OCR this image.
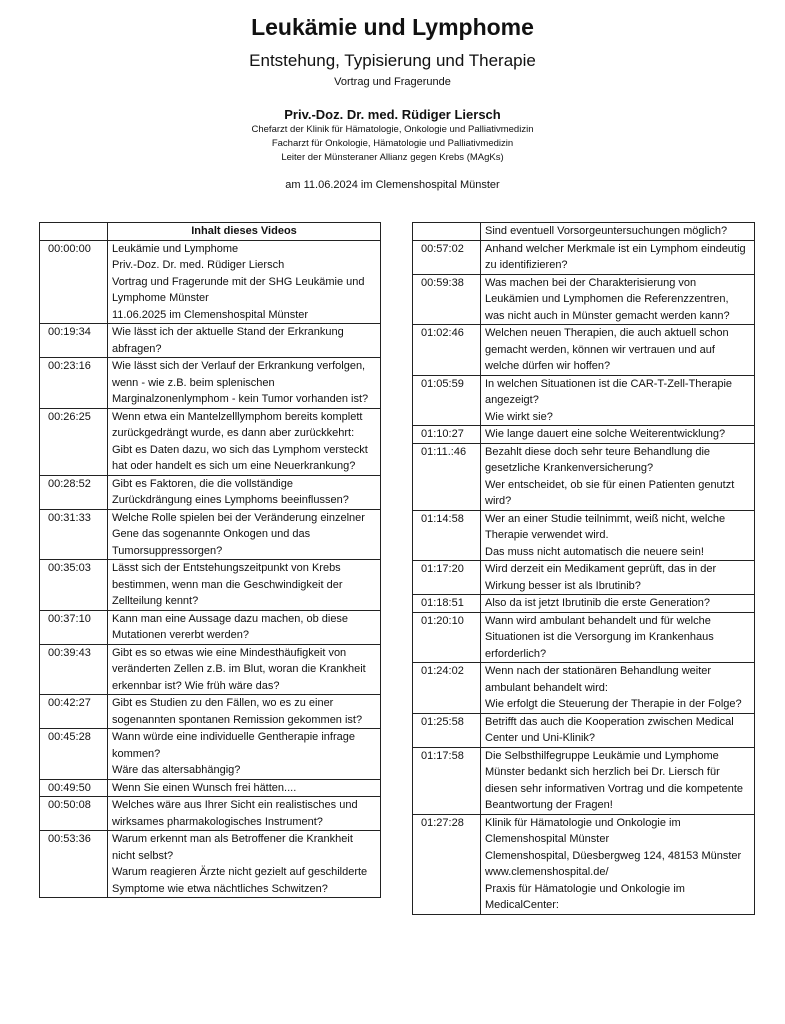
Leukämie und Lymphome
Entstehung, Typisierung und Therapie
Vortrag und Fragerunde
Priv.-Doz. Dr. med. Rüdiger Liersch
Chefarzt der Klinik für Hämatologie, Onkologie und Palliativmedizin
Facharzt für Onkologie, Hämatologie und Palliativmedizin
Leiter der Münsteraner Allianz gegen Krebs (MAgKs)
am 11.06.2024 im Clemenshospital Münster
	Inhalt dieses Videos
00:00:00	Leukämie und Lymphome
Priv.-Doz. Dr. med. Rüdiger Liersch
Vortrag und Fragerunde mit der SHG Leukämie und Lymphome Münster
11.06.2025 im Clemenshospital Münster
00:19:34	Wie lässt ich der aktuelle Stand der Erkrankung abfragen?
00:23:16	Wie lässt sich der Verlauf der Erkrankung verfolgen, wenn - wie z.B. beim splenischen Marginalzonenlymphom - kein Tumor vorhanden ist?
00:26:25	Wenn etwa ein Mantelzelllymphom bereits komplett zurückgedrängt wurde, es dann aber zurückkehrt: Gibt es Daten dazu, wo sich das Lymphom versteckt hat oder handelt es sich um eine Neuerkrankung?
00:28:52	Gibt es Faktoren, die die vollständige Zurückdrängung eines Lymphoms beeinflussen?
00:31:33	Welche Rolle spielen bei der Veränderung einzelner Gene das sogenannte Onkogen und das Tumorsuppressorgen?
00:35:03	Lässt sich der Entstehungszeitpunkt von Krebs bestimmen, wenn man die Geschwindigkeit der Zellteilung kennt?
00:37:10	Kann man eine Aussage dazu machen, ob diese Mutationen vererbt werden?
00:39:43	Gibt es so etwas wie eine Mindesthäufigkeit von veränderten Zellen z.B. im Blut, woran die Krankheit erkennbar ist? Wie früh wäre das?
00:42:27	Gibt es Studien zu den Fällen, wo es zu einer sogenannten spontanen Remission gekommen ist?
00:45:28	Wann würde eine individuelle Gentherapie infrage kommen?
Wäre das altersabhängig?
00:49:50	Wenn Sie einen Wunsch frei hätten....
00:50:08	Welches wäre aus Ihrer Sicht ein realistisches und wirksames pharmakologisches Instrument?
00:53:36	Warum erkennt man als Betroffener die Krankheit nicht selbst?
Warum reagieren Ärzte nicht gezielt auf geschilderte Symptome wie etwa nächtliches Schwitzen?
	Sind eventuell Vorsorgeuntersuchungen möglich?
00:57:02	Anhand welcher Merkmale ist ein Lymphom eindeutig zu identifizieren?
00:59:38	Was machen bei der Charakterisierung von Leukämien und Lymphomen die Referenzzentren, was nicht auch in Münster gemacht werden kann?
01:02:46	Welchen neuen Therapien, die auch aktuell schon gemacht werden, können wir vertrauen und auf welche dürfen wir hoffen?
01:05:59	In welchen Situationen ist die CAR-T-Zell-Therapie angezeigt?
Wie wirkt sie?
01:10:27	Wie lange dauert eine solche Weiterentwicklung?
01:11.:46	Bezahlt diese doch sehr teure Behandlung die gesetzliche Krankenversicherung?
Wer entscheidet, ob sie für einen Patienten genutzt wird?
01:14:58	Wer an einer Studie teilnimmt, weiß nicht, welche Therapie verwendet wird.
Das muss nicht automatisch die neuere sein!
01:17:20	Wird derzeit ein Medikament geprüft, das in der Wirkung besser ist als Ibrutinib?
01:18:51	Also da ist jetzt Ibrutinib die erste Generation?
01:20:10	Wann wird ambulant behandelt und für welche Situationen ist die Versorgung im Krankenhaus erforderlich?
01:24:02	Wenn nach der stationären Behandlung weiter ambulant behandelt wird:
Wie erfolgt die Steuerung der Therapie in der Folge?
01:25:58	Betrifft das auch die Kooperation zwischen Medical Center und Uni-Klinik?
01:17:58	Die Selbsthilfegruppe Leukämie und Lymphome Münster bedankt sich herzlich bei Dr. Liersch für diesen sehr informativen Vortrag und die kompetente Beantwortung der Fragen!
01:27:28	Klinik für Hämatologie und Onkologie im Clemenshospital Münster
Clemenshospital, Düesbergweg 124, 48153 Münster
www.clemenshospital.de/
Praxis für Hämatologie und Onkologie im MedicalCenter:
